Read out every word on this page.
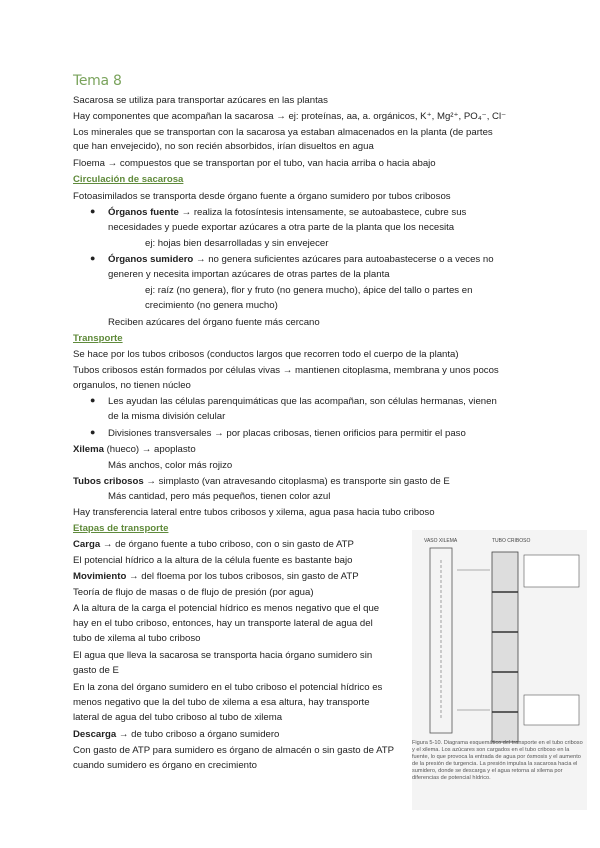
Tema 8
Sacarosa se utiliza para transportar azúcares en las plantas
Hay componentes que acompañan la sacarosa → ej: proteínas, aa, a. orgánicos, K⁺, Mg²⁺, PO₄⁻, Cl⁻
Los minerales que se transportan con la sacarosa ya estaban almacenados en la planta (de partes
que han envejecido), no son recién absorbidos, irían disueltos en agua
Floema → compuestos que se transportan por el tubo, van hacia arriba o hacia abajo
Circulación de sacarosa
Fotoasimilados se transporta desde órgano fuente a órgano sumidero por tubos cribosos
● Órganos fuente → realiza la fotosíntesis intensamente, se autoabastece, cubre sus
necesidades y puede exportar azúcares a otra parte de la planta que los necesita
ej: hojas bien desarrolladas y sin envejecer
● Órganos sumidero → no genera suficientes azúcares para autoabastecerse o a veces no
generen y necesita importan azúcares de otras partes de la planta
ej: raíz (no genera), flor y fruto (no genera mucho), ápice del tallo o partes en
crecimiento (no genera mucho)
Reciben azúcares del órgano fuente más cercano
Transporte
Se hace por los tubos cribosos (conductos largos que recorren todo el cuerpo de la planta)
Tubos cribosos están formados por células vivas → mantienen citoplasma, membrana y unos pocos
organulos, no tienen núcleo
● Les ayudan las células parenquimáticas que las acompañan, son células hermanas, vienen
de la misma división celular
● Divisiones transversales → por placas cribosas, tienen orificios para permitir el paso
Xilema (hueco) → apoplasto
Más anchos, color más rojizo
Tubos cribosos → simplasto (van atravesando citoplasma) es transporte sin gasto de E
Más cantidad, pero más pequeños, tienen color azul
Hay transferencia lateral entre tubos cribosos y xilema, agua pasa hacia tubo criboso
Etapas de transporte
Carga → de órgano fuente a tubo criboso, con o sin gasto de ATP
El potencial hídrico a la altura de la célula fuente es bastante bajo
Movimiento → del floema por los tubos cribosos, sin gasto de ATP
Teoría de flujo de masas o de flujo de presión (por agua)
A la altura de la carga el potencial hídrico es menos negativo que el que
hay en el tubo criboso, entonces, hay un transporte lateral de agua del
tubo de xilema al tubo criboso
El agua que lleva la sacarosa se transporta hacia órgano sumidero sin
gasto de E
En la zona del órgano sumidero en el tubo criboso el potencial hídrico es
menos negativo que la del tubo de xilema a esa altura, hay transporte
lateral de agua del tubo criboso al tubo de xilema
Descarga → de tubo criboso a órgano sumidero
Con gasto de ATP para sumidero es órgano de almacén o sin gasto de ATP
cuando sumidero es órgano en crecimiento
VASO XILEMA	TUBO CRIBOSO
Figura 5-10. Diagrama esquemático del transporte en el tubo criboso y el xilema. Los azúcares son cargados en el tubo criboso en la fuente, lo que provoca la entrada de agua por ósmosis y el aumento de la presión de turgencia. La presión impulsa la sacarosa hacia el sumidero, donde se descarga y el agua retorna al xilema por diferencias de potencial hídrico.
